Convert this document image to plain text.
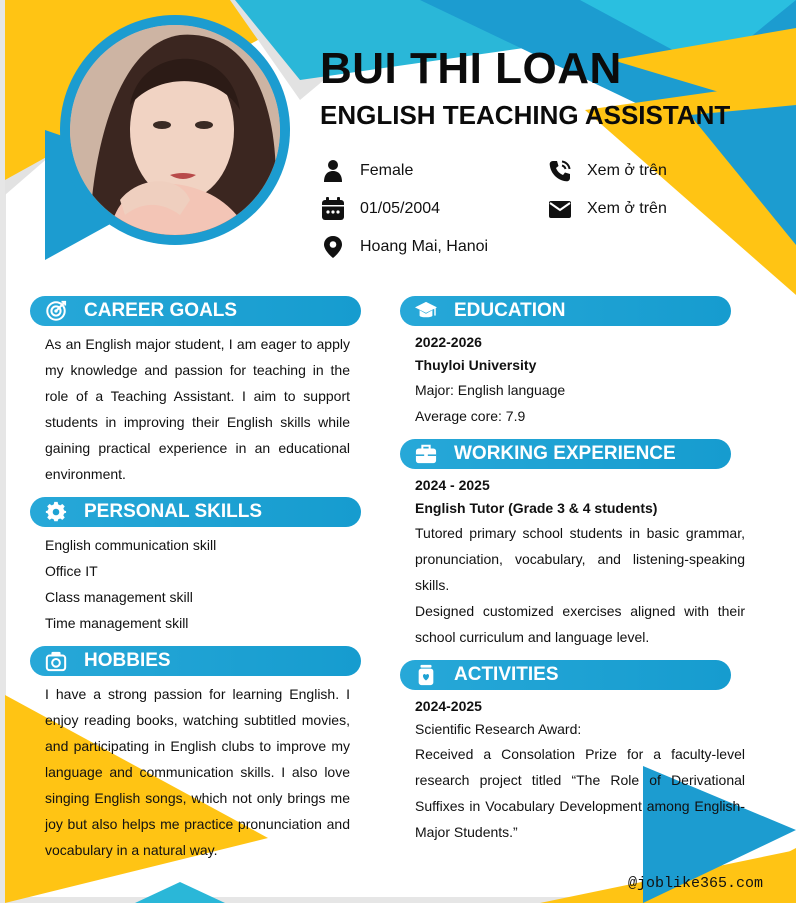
BUI THI LOAN
ENGLISH TEACHING ASSISTANT
Female
01/05/2004
Hoang Mai, Hanoi
Xem ở trên
Xem ở trên
CAREER GOALS
As an English major student, I am eager to apply my knowledge and passion for teaching in the role of a Teaching Assistant. I aim to support students in improving their English skills while gaining practical experience in an educational environment.
PERSONAL SKILLS
English communication skill
Office IT
Class management skill
Time management skill
HOBBIES
I have a strong passion for learning English. I enjoy reading books, watching subtitled movies, and participating in English clubs to improve my language and communication skills. I also love singing English songs, which not only brings me joy but also helps me practice pronunciation and vocabulary in a natural way.
EDUCATION
2022-2026
Thuyloi University
Major: English language
Average core: 7.9
WORKING EXPERIENCE
2024 - 2025
English Tutor (Grade 3 & 4 students)
Tutored primary school students in basic grammar, pronunciation, vocabulary, and listening-speaking skills.
Designed customized exercises aligned with their school curriculum and language level.
ACTIVITIES
2024-2025
Scientific Research Award:
Received a Consolation Prize for a faculty-level research project titled “The Role of Derivational Suffixes in Vocabulary Development among English-Major Students.”
@joblike365.com
